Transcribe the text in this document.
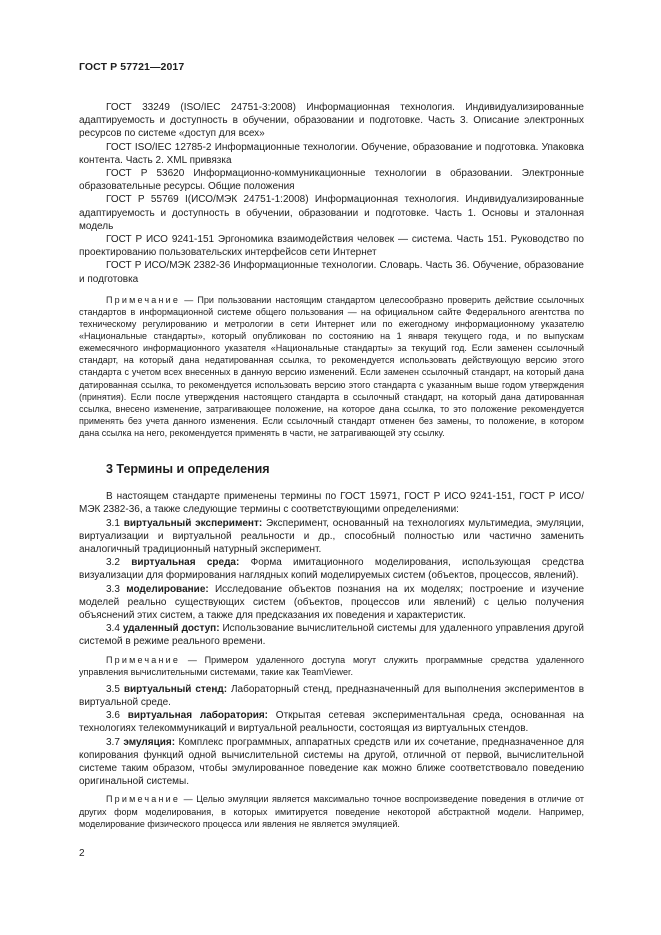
ГОСТ Р 57721—2017

ГОСТ 33249 (ISO/IEC 24751-3:2008) Информационная технология. Индивидуализированные адаптируемость и доступность в обучении, образовании и подготовке. Часть 3. Описание электронных ресурсов по системе «доступ для всех»

ГОСТ ISO/IEC 12785-2 Информационные технологии. Обучение, образование и подготовка. Упаковка контента. Часть 2. XML привязка

ГОСТ Р 53620 Информационно-коммуникационные технологии в образовании. Электронные образовательные ресурсы. Общие положения

ГОСТ Р 55769 I(ИСО/МЭК 24751-1:2008) Информационная технология. Индивидуализированные адаптируемость и доступность в обучении, образовании и подготовке. Часть 1. Основы и эталонная модель

ГОСТ Р ИСО 9241-151 Эргономика взаимодействия человек — система. Часть 151. Руководство по проектированию пользовательских интерфейсов сети Интернет

ГОСТ Р ИСО/МЭК 2382-36 Информационные технологии. Словарь. Часть 36. Обучение, образование и подготовка

Примечание — При пользовании настоящим стандартом целесообразно проверить действие ссылочных стандартов в информационной системе общего пользования — на официальном сайте Федерального агентства по техническому регулированию и метрологии в сети Интернет или по ежегодному информационному указателю «Национальные стандарты», который опубликован по состоянию на 1 января текущего года, и по выпускам ежемесячного информационного указателя «Национальные стандарты» за текущий год. Если заменен ссылочный стандарт, на который дана недатированная ссылка, то рекомендуется использовать действующую версию этого стандарта с учетом всех внесенных в данную версию изменений. Если заменен ссылочный стандарт, на который дана датированная ссылка, то рекомендуется использовать версию этого стандарта с указанным выше годом утверждения (принятия). Если после утверждения настоящего стандарта в ссылочный стандарт, на который дана датированная ссылка, внесено изменение, затрагивающее положение, на которое дана ссылка, то это положение рекомендуется применять без учета данного изменения. Если ссылочный стандарт отменен без замены, то положение, в котором дана ссылка на него, рекомендуется применять в части, не затрагивающей эту ссылку.

3 Термины и определения

В настоящем стандарте применены термины по ГОСТ 15971, ГОСТ Р ИСО 9241-151, ГОСТ Р ИСО/МЭК 2382-36, а также следующие термины с соответствующими определениями:

3.1 виртуальный эксперимент: Эксперимент, основанный на технологиях мультимедиа, эмуляции, виртуализации и виртуальной реальности и др., способный полностью или частично заменить аналогичный традиционный натурный эксперимент.

3.2 виртуальная среда: Форма имитационного моделирования, использующая средства визуализации для формирования наглядных копий моделируемых систем (объектов, процессов, явлений).

3.3 моделирование: Исследование объектов познания на их моделях; построение и изучение моделей реально существующих систем (объектов, процессов или явлений) с целью получения объяснений этих систем, а также для предсказания их поведения и характеристик.

3.4 удаленный доступ: Использование вычислительной системы для удаленного управления другой системой в режиме реального времени.

Примечание — Примером удаленного доступа могут служить программные средства удаленного управления вычислительными системами, такие как TeamViewer.

3.5 виртуальный стенд: Лабораторный стенд, предназначенный для выполнения экспериментов в виртуальной среде.

3.6 виртуальная лаборатория: Открытая сетевая экспериментальная среда, основанная на технологиях телекоммуникаций и виртуальной реальности, состоящая из виртуальных стендов.

3.7 эмуляция: Комплекс программных, аппаратных средств или их сочетание, предназначенное для копирования функций одной вычислительной системы на другой, отличной от первой, вычислительной системе таким образом, чтобы эмулированное поведение как можно ближе соответствовало поведению оригинальной системы.

Примечание — Целью эмуляции является максимально точное воспроизведение поведения в отличие от других форм моделирования, в которых имитируется поведение некоторой абстрактной модели. Например, моделирование физического процесса или явления не является эмуляцией.

2
